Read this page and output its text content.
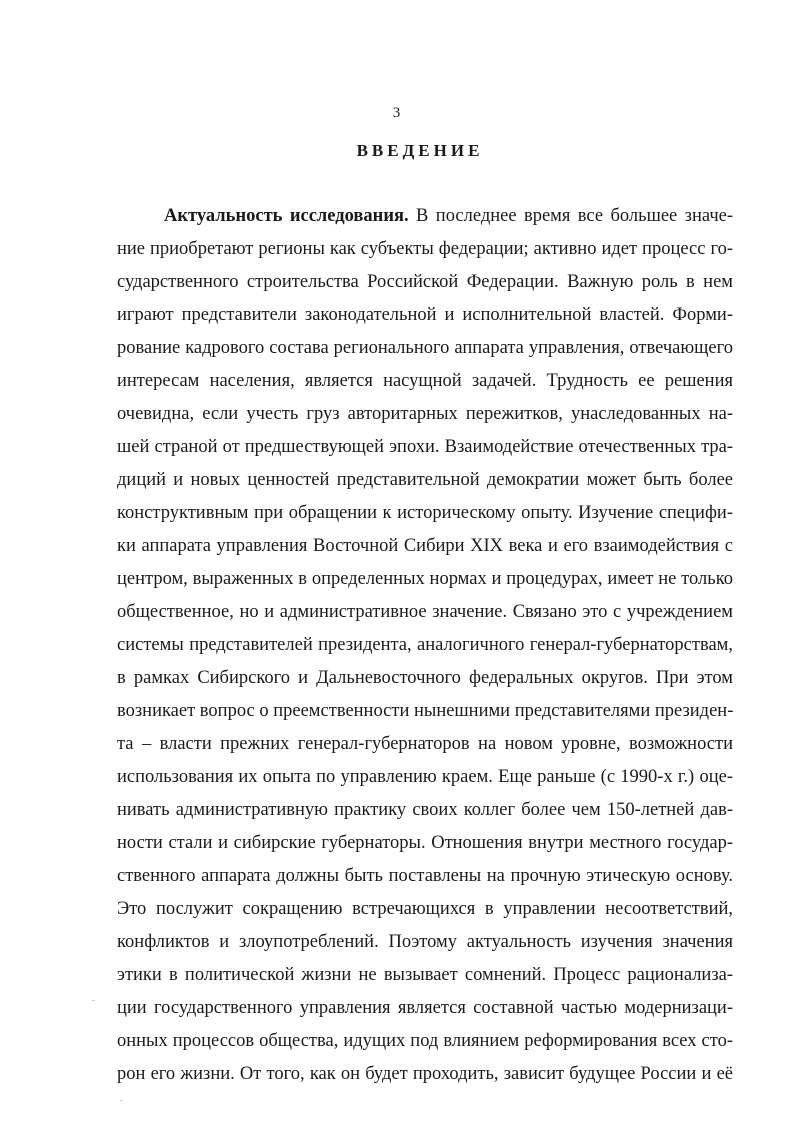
3
ВВЕДЕНИЕ
Актуальность исследования. В последнее время все большее значе-
ние приобретают регионы как субъекты федерации; активно идет процесс го-
сударственного строительства Российской Федерации. Важную роль в нем
играют представители законодательной и исполнительной властей. Форми-
рование кадрового состава регионального аппарата управления, отвечающего
интересам населения, является насущной задачей. Трудность ее решения
очевидна, если учесть груз авторитарных пережитков, унаследованных на-
шей страной от предшествующей эпохи. Взаимодействие отечественных тра-
диций и новых ценностей представительной демократии может быть более
конструктивным при обращении к историческому опыту. Изучение специфи-
ки аппарата управления Восточной Сибири XIX века и его взаимодействия с
центром, выраженных в определенных нормах и процедурах, имеет не только
общественное, но и административное значение. Связано это с учреждением
системы представителей президента, аналогичного генерал-губернаторствам,
в рамках Сибирского и Дальневосточного федеральных округов. При этом
возникает вопрос о преемственности нынешними представителями президен-
та – власти прежних генерал-губернаторов на новом уровне, возможности
использования их опыта по управлению краем. Еще раньше (с 1990-х г.) оце-
нивать административную практику своих коллег более чем 150-летней дав-
ности стали и сибирские губернаторы. Отношения внутри местного государ-
ственного аппарата должны быть поставлены на прочную этическую основу.
Это послужит сокращению встречающихся в управлении несоответствий,
конфликтов и злоупотреблений. Поэтому актуальность изучения значения
этики в политической жизни не вызывает сомнений. Процесс рационализа-
ции государственного управления является составной частью модернизаци-
онных процессов общества, идущих под влиянием реформирования всех сто-
рон его жизни. От того, как он будет проходить, зависит будущее России и её
